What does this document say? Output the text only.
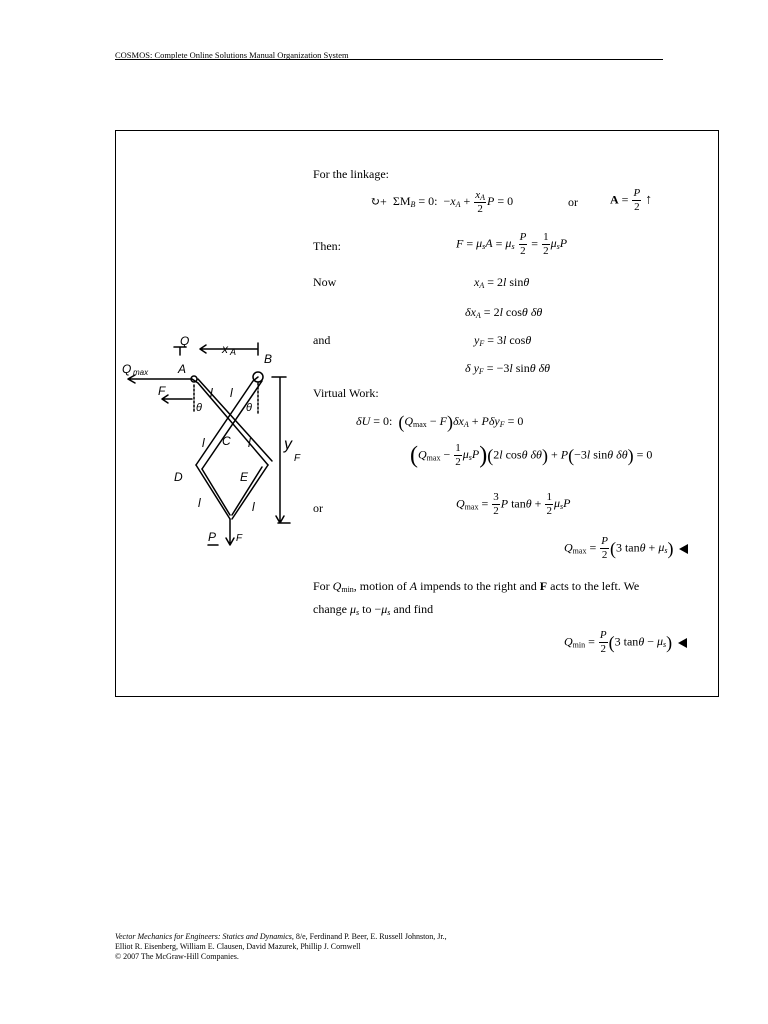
COSMOS: Complete Online Solutions Manual Organization System
Q
Q max A
x A B
F
θ	θ
l l
l C l
D	E
l	l
y
F
P F
For the linkage:
↻+  $\Sigma M_B = 0$:  $-x_A + \frac{x_A}{2}$ P = 0	or	$A = \frac{P}{2}$ ↑
Then:	$F = \mu_sA = \mu_s \frac{P}{2} = \frac{1}{2} \mu_sP$
Now	$x_A = 2l$ sinθ
$\delta x_A = 2l$ cosθ δθ
and	$y_F = 3l$ cosθ
δ $y_F = -3l$ sinθ δθ
Virtual Work:
δU = 0:  $(Q_{max} - F)\delta x_A + P\delta y_F = 0$
$(Q_{max} - \frac{1}{2} \mu_sP)(2l$ cosθ δθ) + P(−3l sinθ δθ) = 0
or	$Q_{max} = \frac{3}{2}$ P $\tan\theta + \frac{1}{2} \mu_sP$
$Q_{max} = \frac{P}{2} (3$ $\tan\theta + \mu_s$)
For $Q_{min}$, motion of A impends to the right and F acts to the left. We
change $\mu_s$ to $-\mu_s$ and find
$Q_{min} = \frac{P}{2} (3$ $\tan\theta - \mu_s$)
Vector Mechanics for Engineers: Statics and Dynamics, 8/e, Ferdinand P. Beer, E. Russell Johnston, Jr.,
Elliot R. Eisenberg, William E. Clausen, David Mazurek, Phillip J. Cornwell
© 2007 The McGraw-Hill Companies.
